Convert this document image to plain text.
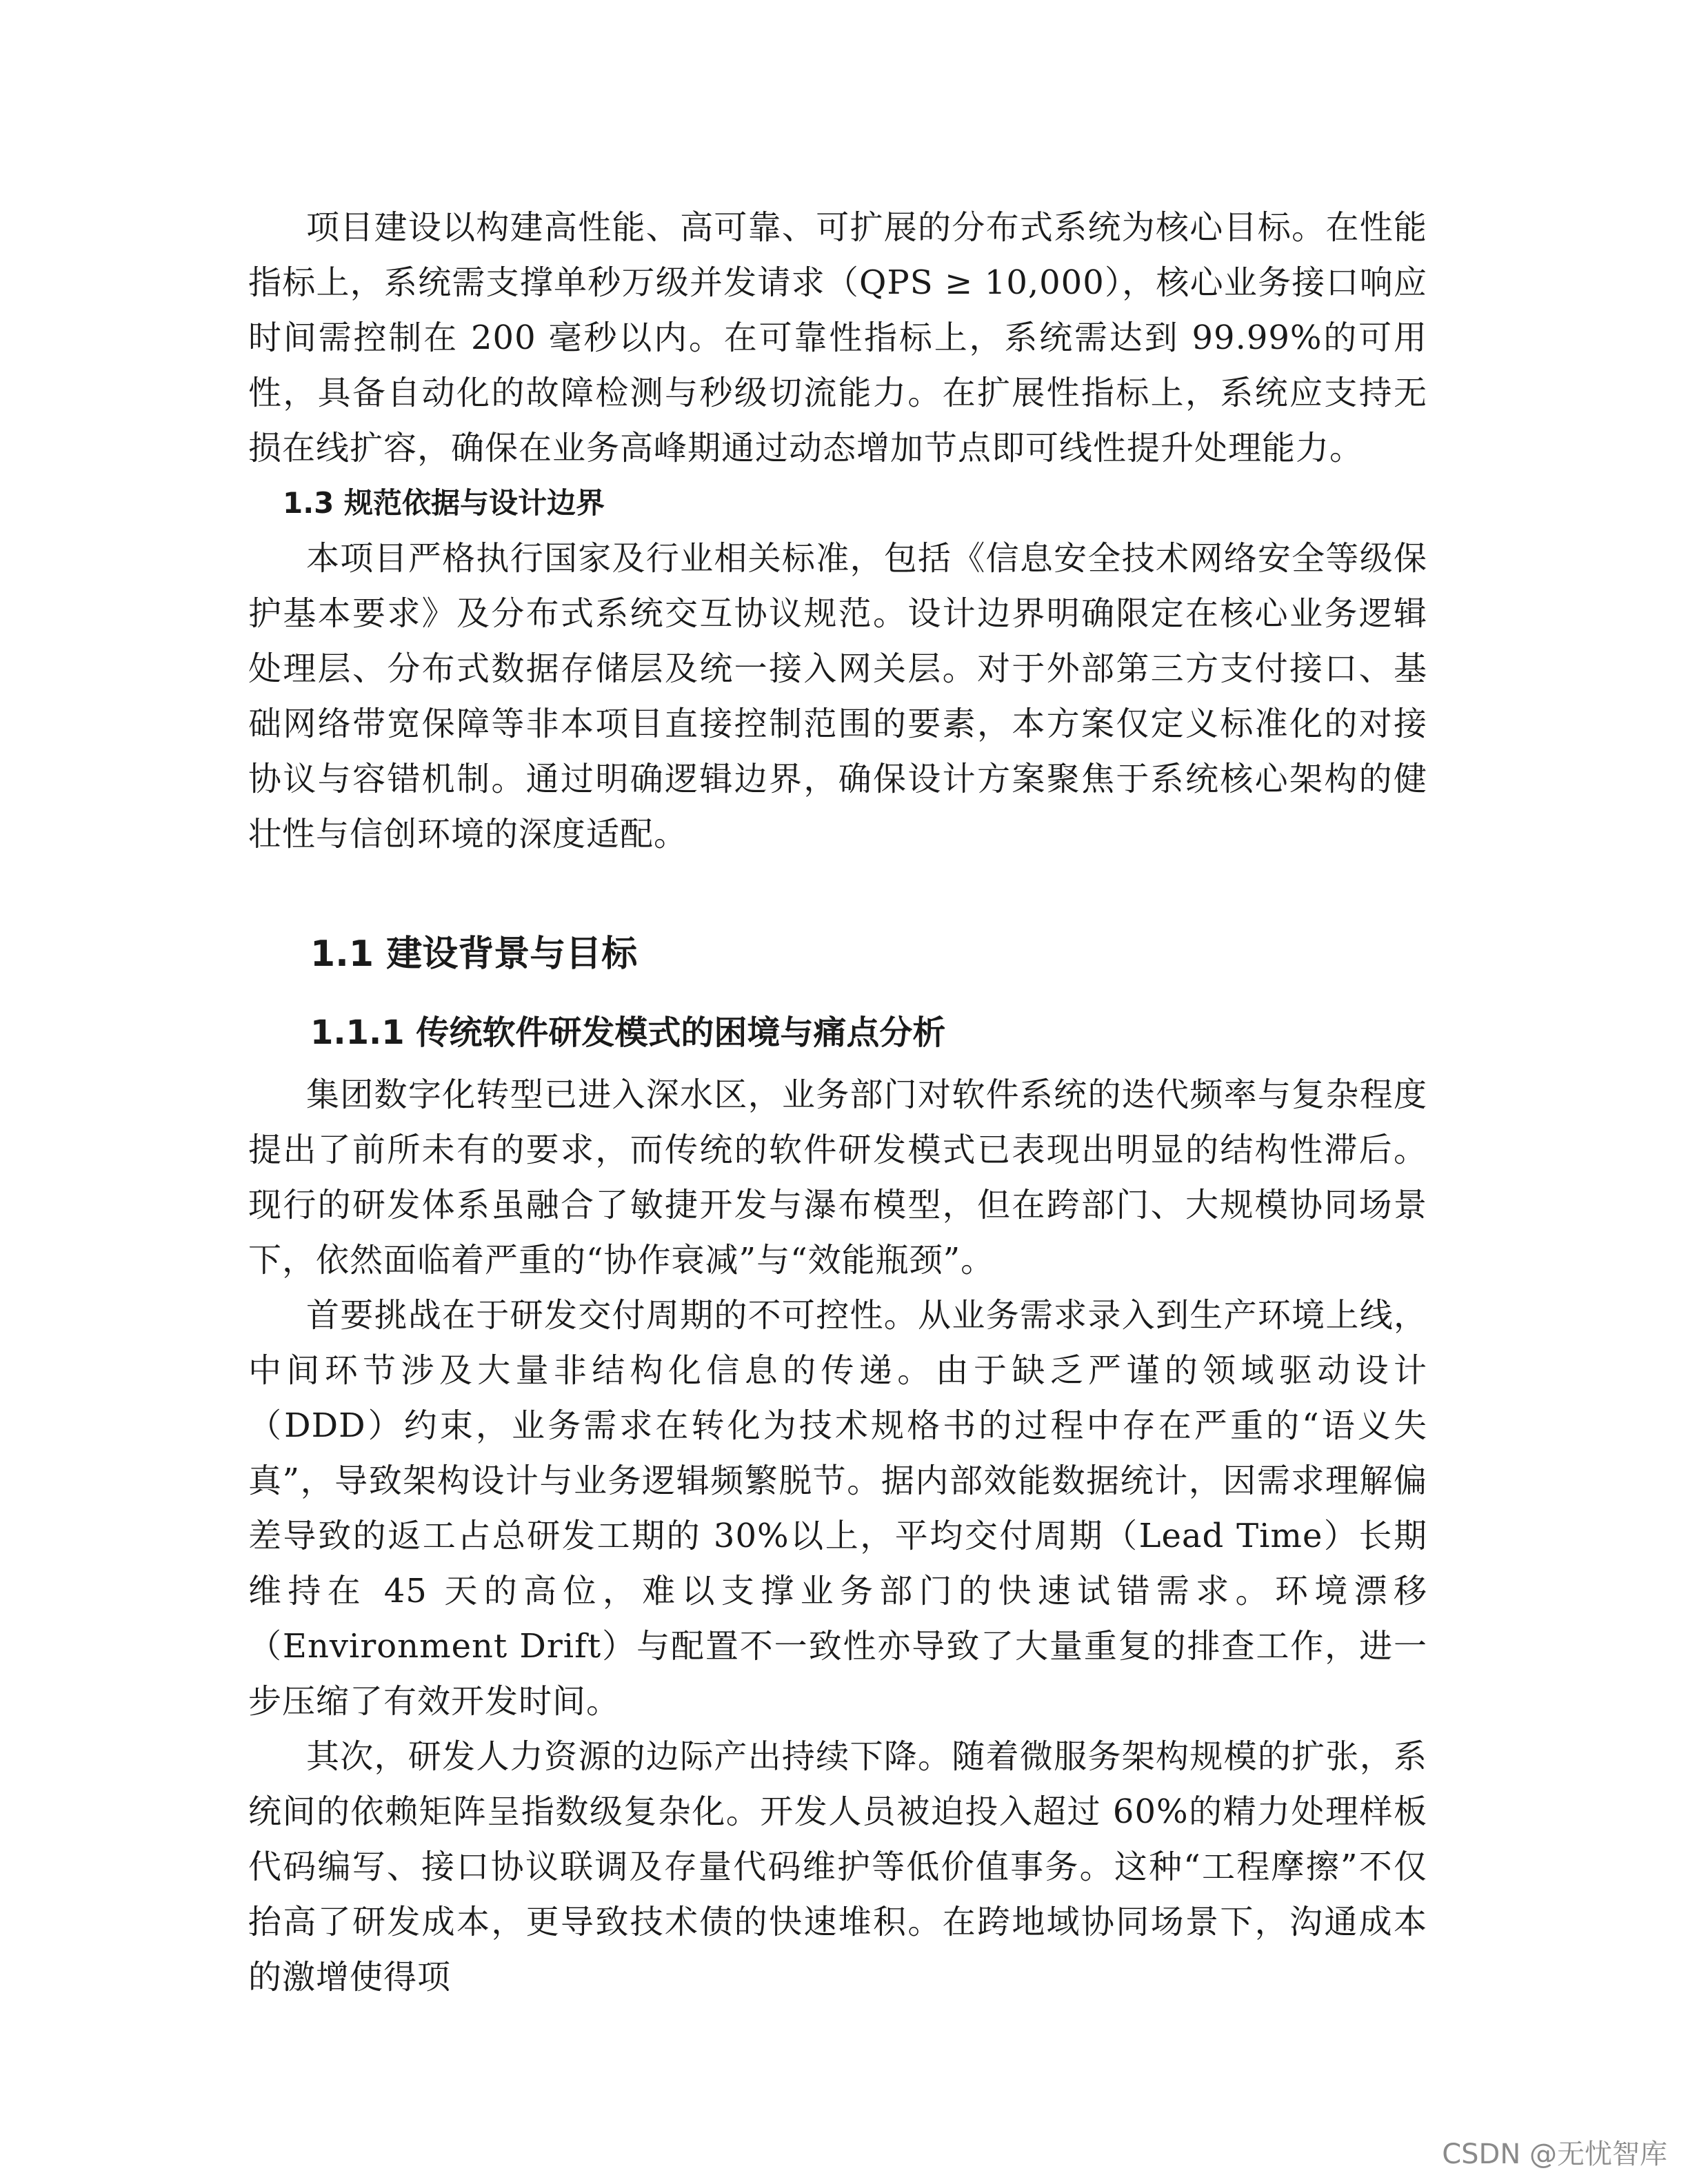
项目建设以构建高性能、高可靠、可扩展的分布式系统为核心目标。在性能指标上，系统需支撑单秒万级并发请求（QPS ≥ 10,000），核心业务接口响应时间需控制在 200 毫秒以内。在可靠性指标上，系统需达到 99.99%的可用性，具备自动化的故障检测与秒级切流能力。在扩展性指标上，系统应支持无损在线扩容，确保在业务高峰期通过动态增加节点即可线性提升处理能力。

1.3 规范依据与设计边界

本项目严格执行国家及行业相关标准，包括《信息安全技术网络安全等级保护基本要求》及分布式系统交互协议规范。设计边界明确限定在核心业务逻辑处理层、分布式数据存储层及统一接入网关层。对于外部第三方支付接口、基础网络带宽保障等非本项目直接控制范围的要素，本方案仅定义标准化的对接协议与容错机制。通过明确逻辑边界，确保设计方案聚焦于系统核心架构的健壮性与信创环境的深度适配。

1.1 建设背景与目标
1.1.1 传统软件研发模式的困境与痛点分析

集团数字化转型已进入深水区，业务部门对软件系统的迭代频率与复杂程度提出了前所未有的要求，而传统的软件研发模式已表现出明显的结构性滞后。现行的研发体系虽融合了敏捷开发与瀑布模型，但在跨部门、大规模协同场景下，依然面临着严重的“协作衰减”与“效能瓶颈”。

首要挑战在于研发交付周期的不可控性。从业务需求录入到生产环境上线，中间环节涉及大量非结构化信息的传递。由于缺乏严谨的领域驱动设计（DDD）约束，业务需求在转化为技术规格书的过程中存在严重的“语义失真”，导致架构设计与业务逻辑频繁脱节。据内部效能数据统计，因需求理解偏差导致的返工占总研发工期的 30%以上，平均交付周期（Lead Time）长期维持在 45 天的高位，难以支撑业务部门的快速试错需求。环境漂移（Environment Drift）与配置不一致性亦导致了大量重复的排查工作，进一步压缩了有效开发时间。

其次，研发人力资源的边际产出持续下降。随着微服务架构规模的扩张，系统间的依赖矩阵呈指数级复杂化。开发人员被迫投入超过 60%的精力处理样板代码编写、接口协议联调及存量代码维护等低价值事务。这种“工程摩擦”不仅抬高了研发成本，更导致技术债的快速堆积。在跨地域协同场景下，沟通成本的激增使得项

CSDN @无忧智库
